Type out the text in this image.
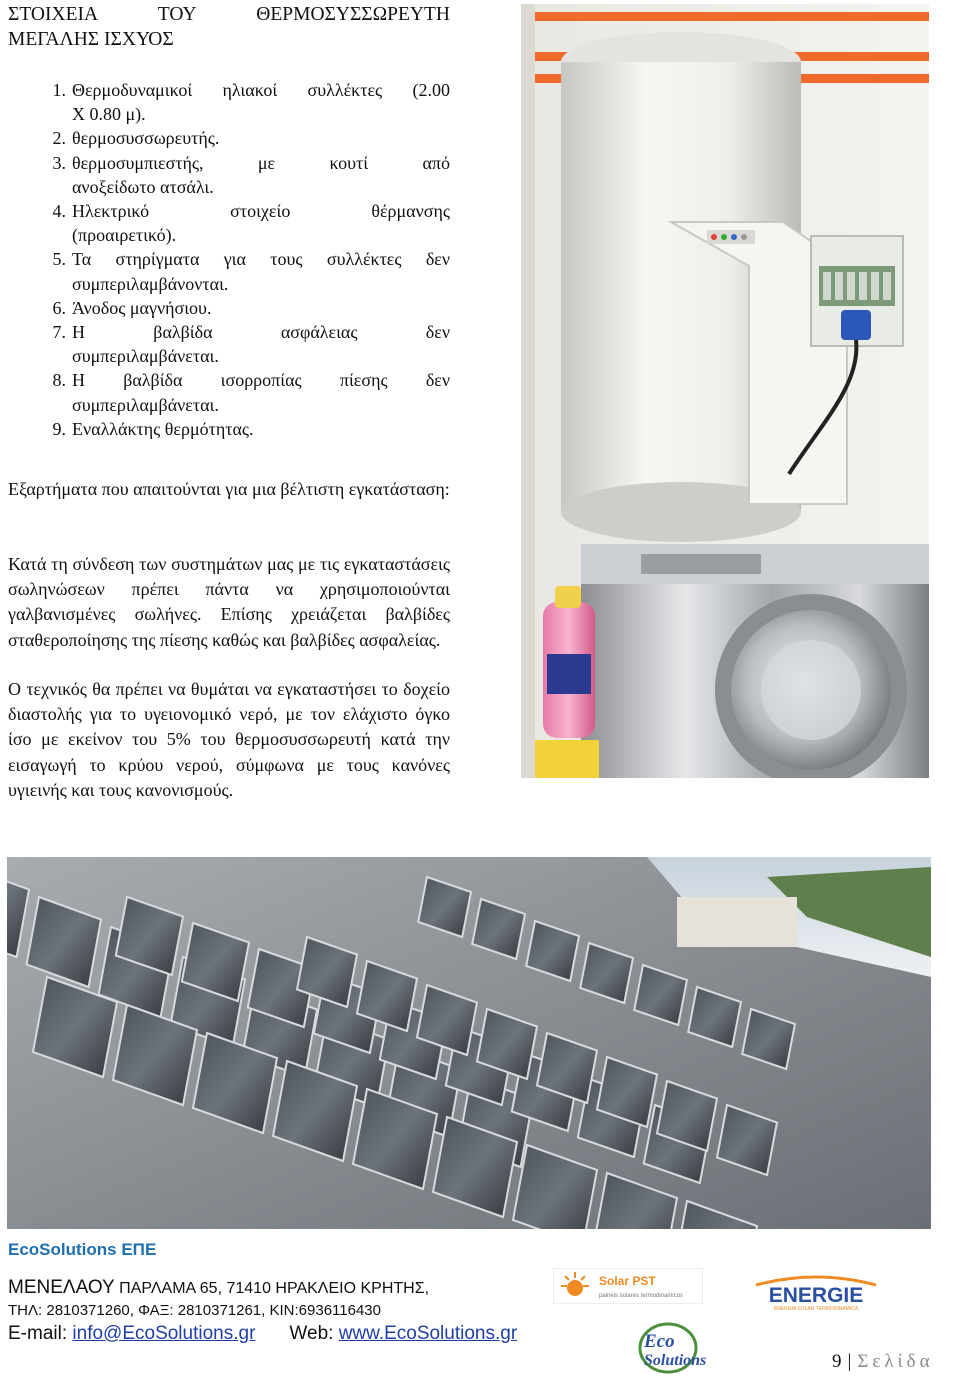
ΣΤΟΙΧΕΙΑ	ΤΟΥ	ΘΕΡΜΟΣΥΣΣΩΡΕΥΤΗ
ΜΕΓΑΛΗΣ ΙΣΧΥΟΣ
1. Θερμοδυναμικοί ηλιακοί συλλέκτες (2.00
Χ 0.80 μ).
2. θερμοσυσσωρευτής.
3. θερμοσυμπιεστής, με κουτί από
ανοξείδωτο ατσάλι.
4. Ηλεκτρικό στοιχείο θέρμανσης
(προαιρετικό).
5. Τα στηρίγματα για τους συλλέκτες δεν
συμπεριλαμβάνονται.
6. Άνοδος μαγνήσιου.
7. Η βαλβίδα ασφάλειας δεν
συμπεριλαμβάνεται.
8. Η βαλβίδα ισορροπίας πίεσης δεν
συμπεριλαμβάνεται.
9. Εναλλάκτης θερμότητας.
Εξαρτήματα που απαιτούνται για μια βέλτιστη εγκατάσταση:
Κατά τη σύνδεση των συστημάτων μας με τις εγκαταστάσεις σωληνώσεων πρέπει πάντα να χρησιμοποιούνται γαλβανισμένες σωλήνες. Επίσης χρειάζεται βαλβίδες σταθεροποίησης της πίεσης καθώς και βαλβίδες ασφαλείας.
Ο τεχνικός θα πρέπει να θυμάται να εγκαταστήσει το δοχείο διαστολής για το υγειονομικό νερό, με τον ελάχιστο όγκο ίσο με εκείνον του 5% του θερμοσυσσωρευτή κατά την εισαγωγή το κρύου νερού, σύμφωνα με τους κανόνες υγιεινής και τους κανονισμούς.
EcoSolutions ΕΠΕ
ΜΕΝΕΛΑΟΥ ΠΑΡΛΑΜΑ 65, 71410 ΗΡΑΚΛΕΙΟ ΚΡΗΤΗΣ,
ΤΗΛ: 2810371260, ΦΑΞ: 2810371261, ΚΙΝ:6936116430
E-mail: info@EcoSolutions.gr Web: www.EcoSolutions.gr
Solar PST
paineis solares termodinamicos	ENERGIE
ENERGIA SOLAR TERMODINAMICA
Eco
Solutions	9 | Σελίδα
